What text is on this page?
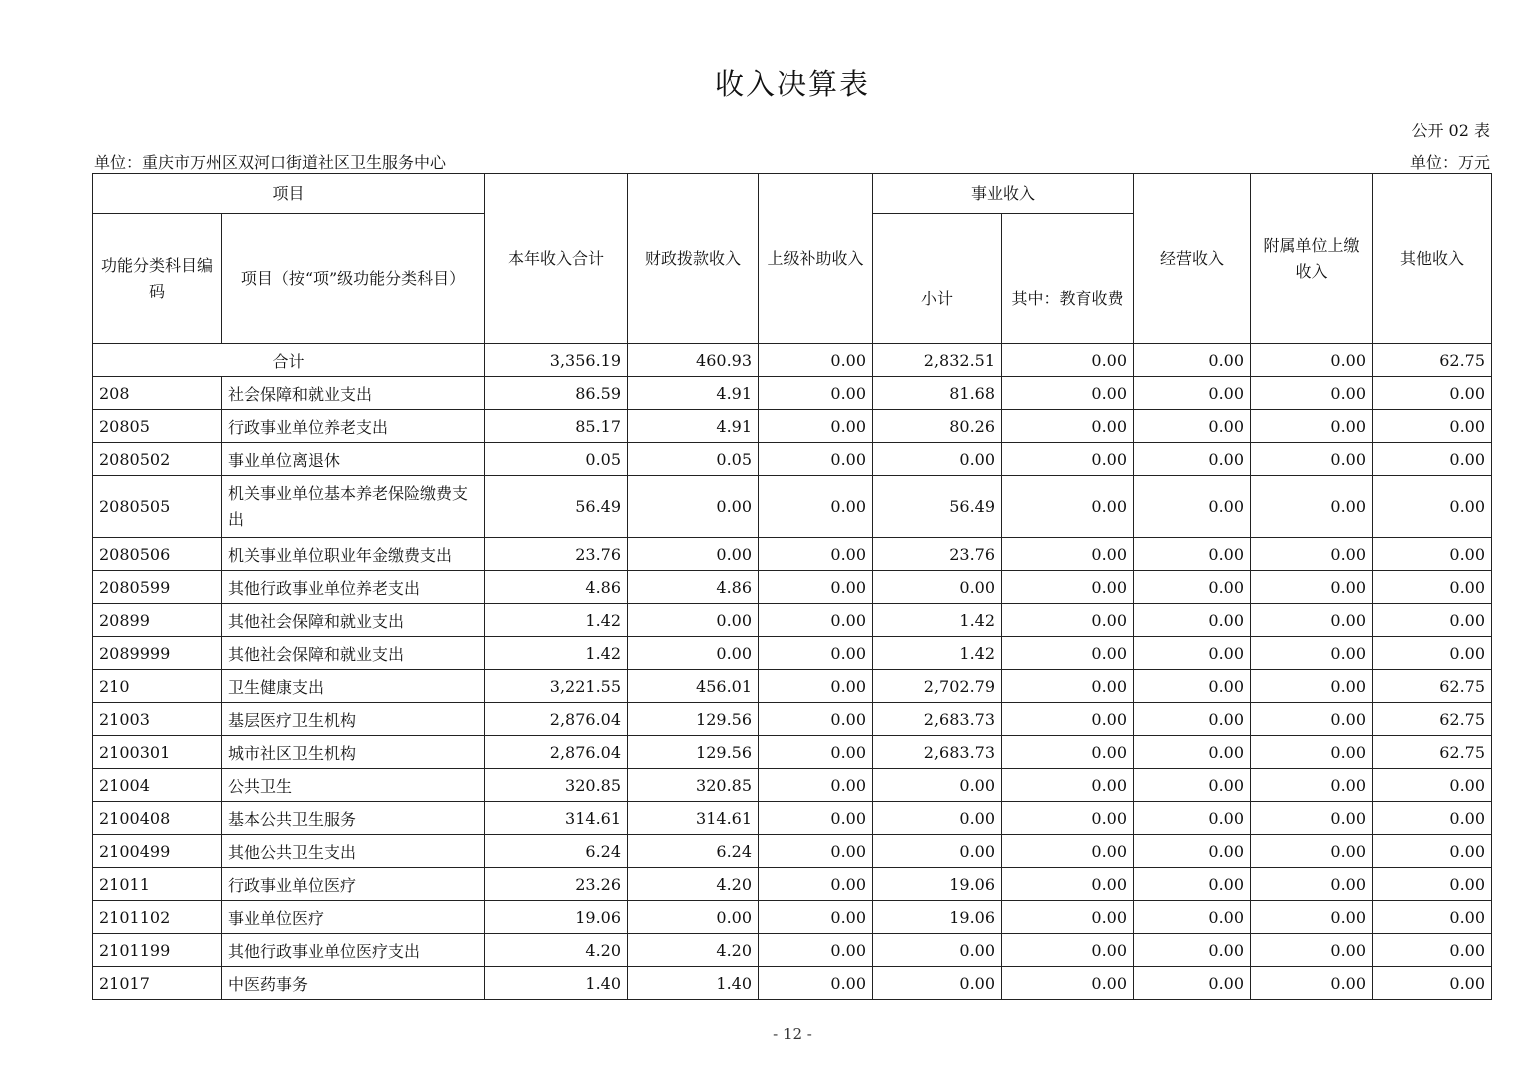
收入决算表
公开 02 表
单位：重庆市万州区双河口街道社区卫生服务中心	单位：万元
项目		本年收入合计	财政拨款收入	上级补助收入	事业收入		经营收入	附属单位上缴收入	其他收入
功能分类科目编码	项目（按“项”级功能分类科目）				小计	其中：教育收费			
合计		3,356.19	460.93	0.00	2,832.51	0.00	0.00	0.00	62.75
208	社会保障和就业支出	86.59	4.91	0.00	81.68	0.00	0.00	0.00	0.00
20805	行政事业单位养老支出	85.17	4.91	0.00	80.26	0.00	0.00	0.00	0.00
2080502	事业单位离退休	0.05	0.05	0.00	0.00	0.00	0.00	0.00	0.00
2080505	机关事业单位基本养老保险缴费支出	56.49	0.00	0.00	56.49	0.00	0.00	0.00	0.00
2080506	机关事业单位职业年金缴费支出	23.76	0.00	0.00	23.76	0.00	0.00	0.00	0.00
2080599	其他行政事业单位养老支出	4.86	4.86	0.00	0.00	0.00	0.00	0.00	0.00
20899	其他社会保障和就业支出	1.42	0.00	0.00	1.42	0.00	0.00	0.00	0.00
2089999	其他社会保障和就业支出	1.42	0.00	0.00	1.42	0.00	0.00	0.00	0.00
210	卫生健康支出	3,221.55	456.01	0.00	2,702.79	0.00	0.00	0.00	62.75
21003	基层医疗卫生机构	2,876.04	129.56	0.00	2,683.73	0.00	0.00	0.00	62.75
2100301	城市社区卫生机构	2,876.04	129.56	0.00	2,683.73	0.00	0.00	0.00	62.75
21004	公共卫生	320.85	320.85	0.00	0.00	0.00	0.00	0.00	0.00
2100408	基本公共卫生服务	314.61	314.61	0.00	0.00	0.00	0.00	0.00	0.00
2100499	其他公共卫生支出	6.24	6.24	0.00	0.00	0.00	0.00	0.00	0.00
21011	行政事业单位医疗	23.26	4.20	0.00	19.06	0.00	0.00	0.00	0.00
2101102	事业单位医疗	19.06	0.00	0.00	19.06	0.00	0.00	0.00	0.00
2101199	其他行政事业单位医疗支出	4.20	4.20	0.00	0.00	0.00	0.00	0.00	0.00
21017	中医药事务	1.40	1.40	0.00	0.00	0.00	0.00	0.00	0.00
- 12 -
